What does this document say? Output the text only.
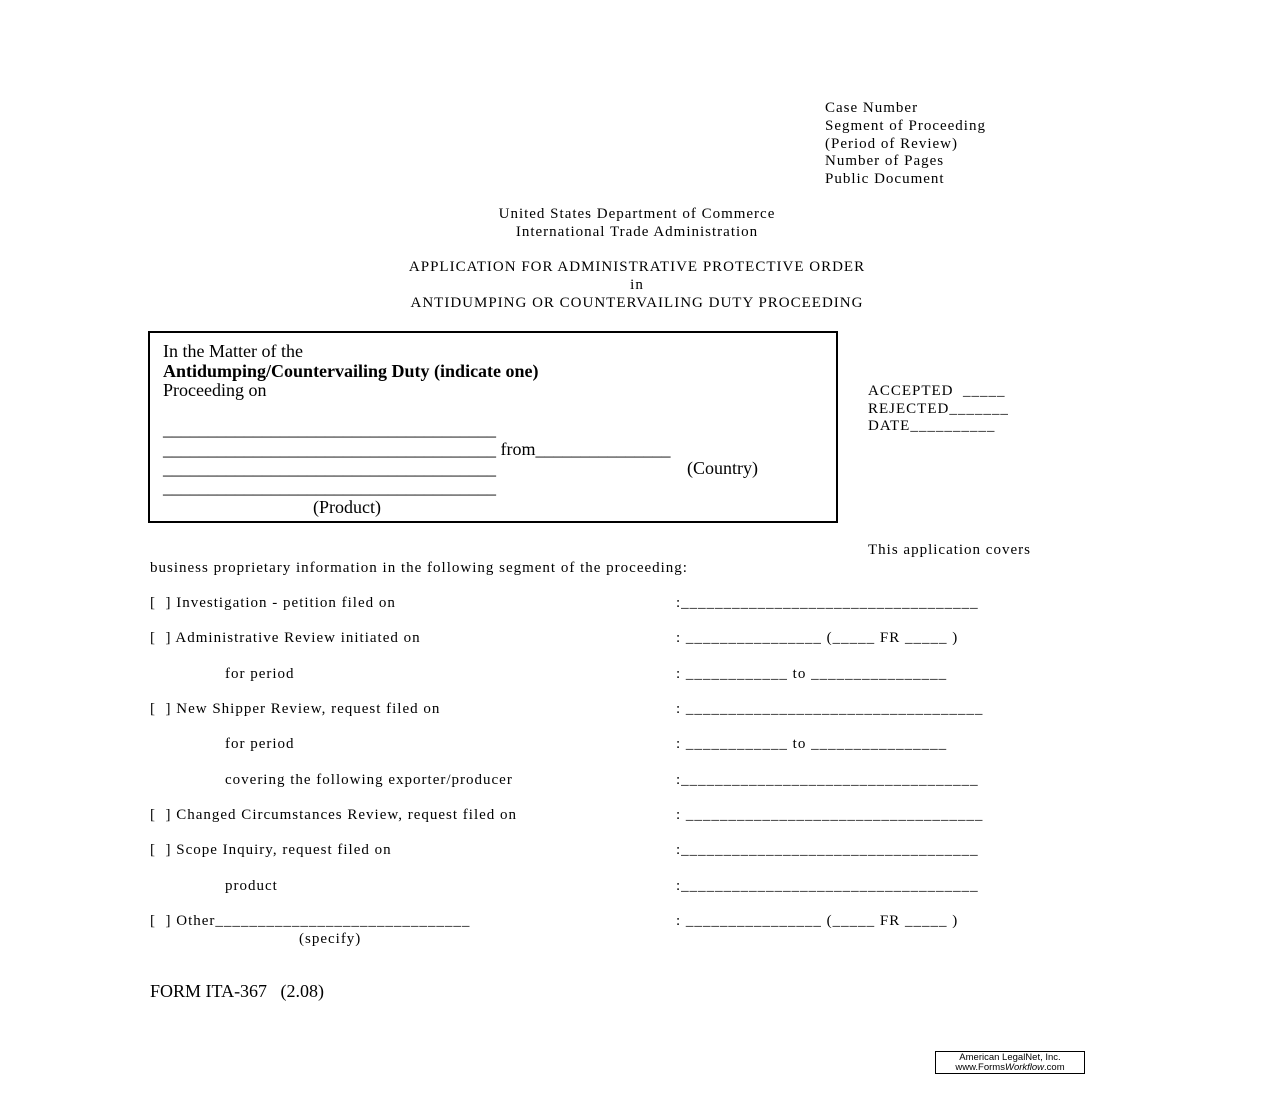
Case Number
Segment of Proceeding
(Period of Review)
Number of Pages
Public Document
United States Department of Commerce
International Trade Administration
APPLICATION FOR ADMINISTRATIVE PROTECTIVE ORDER
in
ANTIDUMPING OR COUNTERVAILING DUTY PROCEEDING
In the Matter of the
Antidumping/Countervailing Duty (indicate one)
Proceeding on
_____________________________________
_____________________________________ from_______________
_____________________________________	(Country)
_____________________________________
(Product)
ACCEPTED  _____
REJECTED_______
DATE__________
This application covers
business proprietary information in the following segment of the proceeding:
[  ] Investigation - petition filed on	:___________________________________
[  ] Administrative Review initiated on	: ________________ (_____ FR _____ )
for period	: ____________ to ________________
[  ] New Shipper Review, request filed on	: ___________________________________
for period	: ____________ to ________________
covering the following exporter/producer	:___________________________________
[  ] Changed Circumstances Review, request filed on	: ___________________________________
[  ] Scope Inquiry, request filed on	:___________________________________
product	:___________________________________
[  ] Other______________________________	: ________________ (_____ FR _____ )
(specify)
FORM ITA-367   (2.08)
American LegalNet, Inc.
www.FormsWorkflow.com
